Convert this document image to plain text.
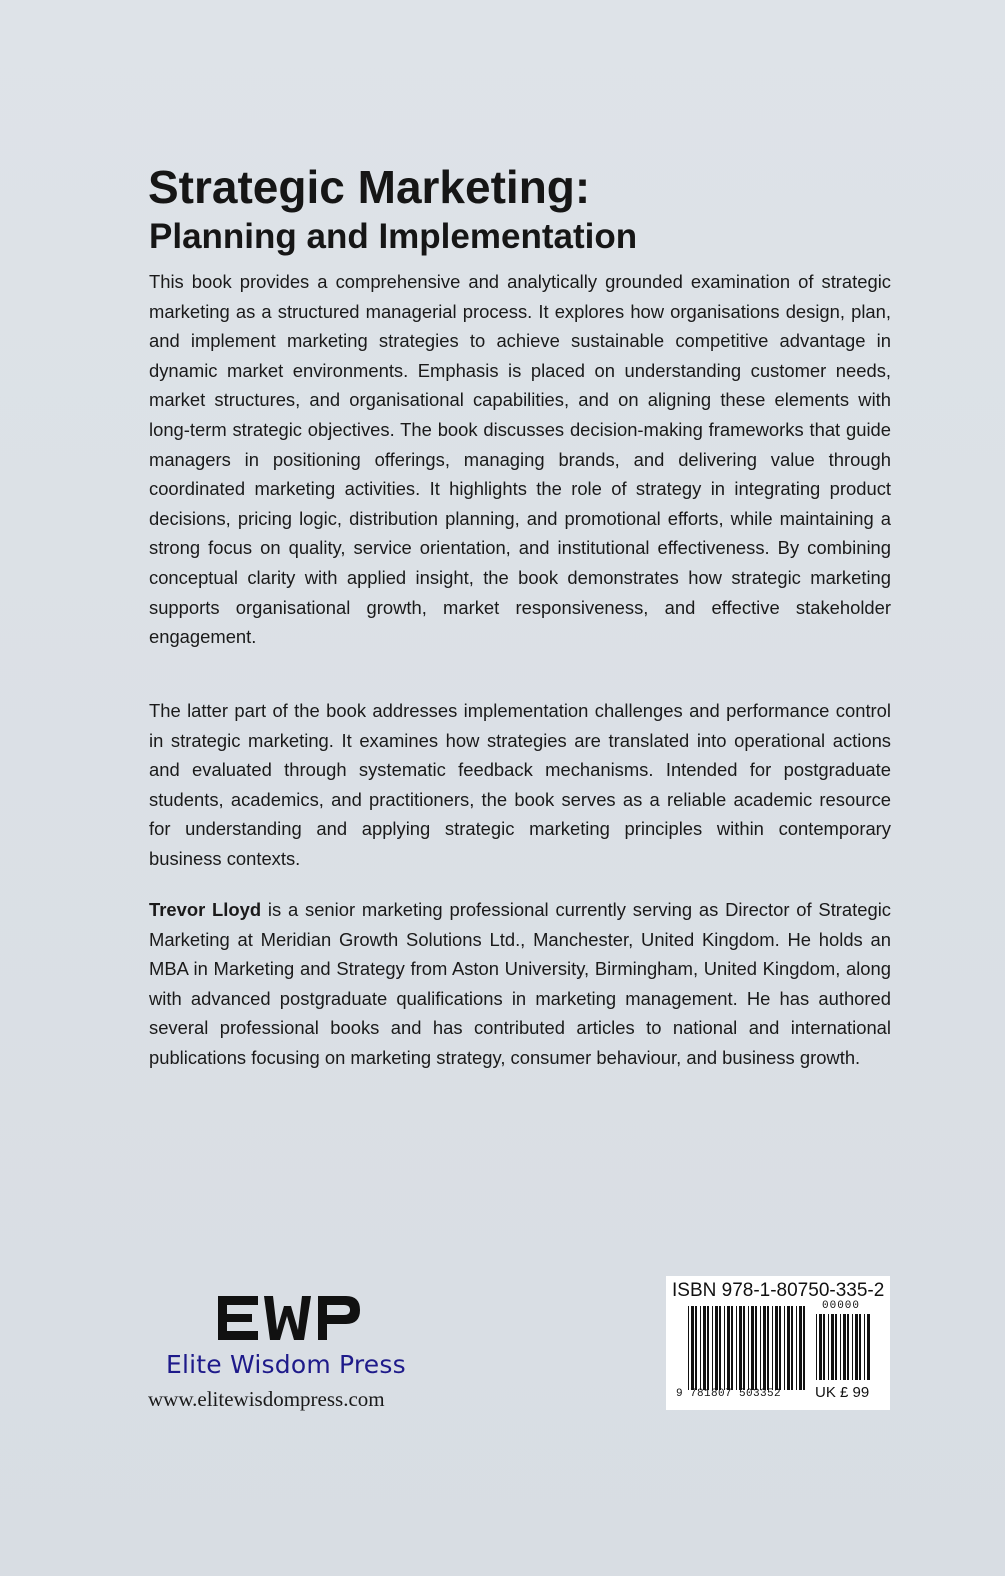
Strategic Marketing:
Planning and Implementation

This book provides a comprehensive and analytically grounded examination of strategic marketing as a structured managerial process. It explores how organisations design, plan, and implement marketing strategies to achieve sustainable competitive advantage in dynamic market environments. Emphasis is placed on understanding customer needs, market structures, and organisational capabilities, and on aligning these elements with long-term strategic objectives. The book discusses decision-making frameworks that guide managers in positioning offerings, managing brands, and delivering value through coordinated marketing activities. It highlights the role of strategy in integrating product decisions, pricing logic, distribution planning, and promotional efforts, while maintaining a strong focus on quality, service orientation, and institutional effectiveness. By combining conceptual clarity with applied insight, the book demonstrates how strategic marketing supports organisational growth, market responsiveness, and effective stakeholder engagement.

The latter part of the book addresses implementation challenges and performance control in strategic marketing. It examines how strategies are translated into operational actions and evaluated through systematic feedback mechanisms. Intended for postgraduate students, academics, and practitioners, the book serves as a reliable academic resource for understanding and applying strategic marketing principles within contemporary business contexts.

Trevor Lloyd is a senior marketing professional currently serving as Director of Strategic Marketing at Meridian Growth Solutions Ltd., Manchester, United Kingdom. He holds an MBA in Marketing and Strategy from Aston University, Birmingham, United Kingdom, along with advanced postgraduate qualifications in marketing management. He has authored several professional books and has contributed articles to national and international publications focusing on marketing strategy, consumer behaviour, and business growth.

Elite Wisdom Press
www.elitewisdompress.com
ISBN 978-1-80750-335-2
00000
9 781807 503352 UK £ 99
